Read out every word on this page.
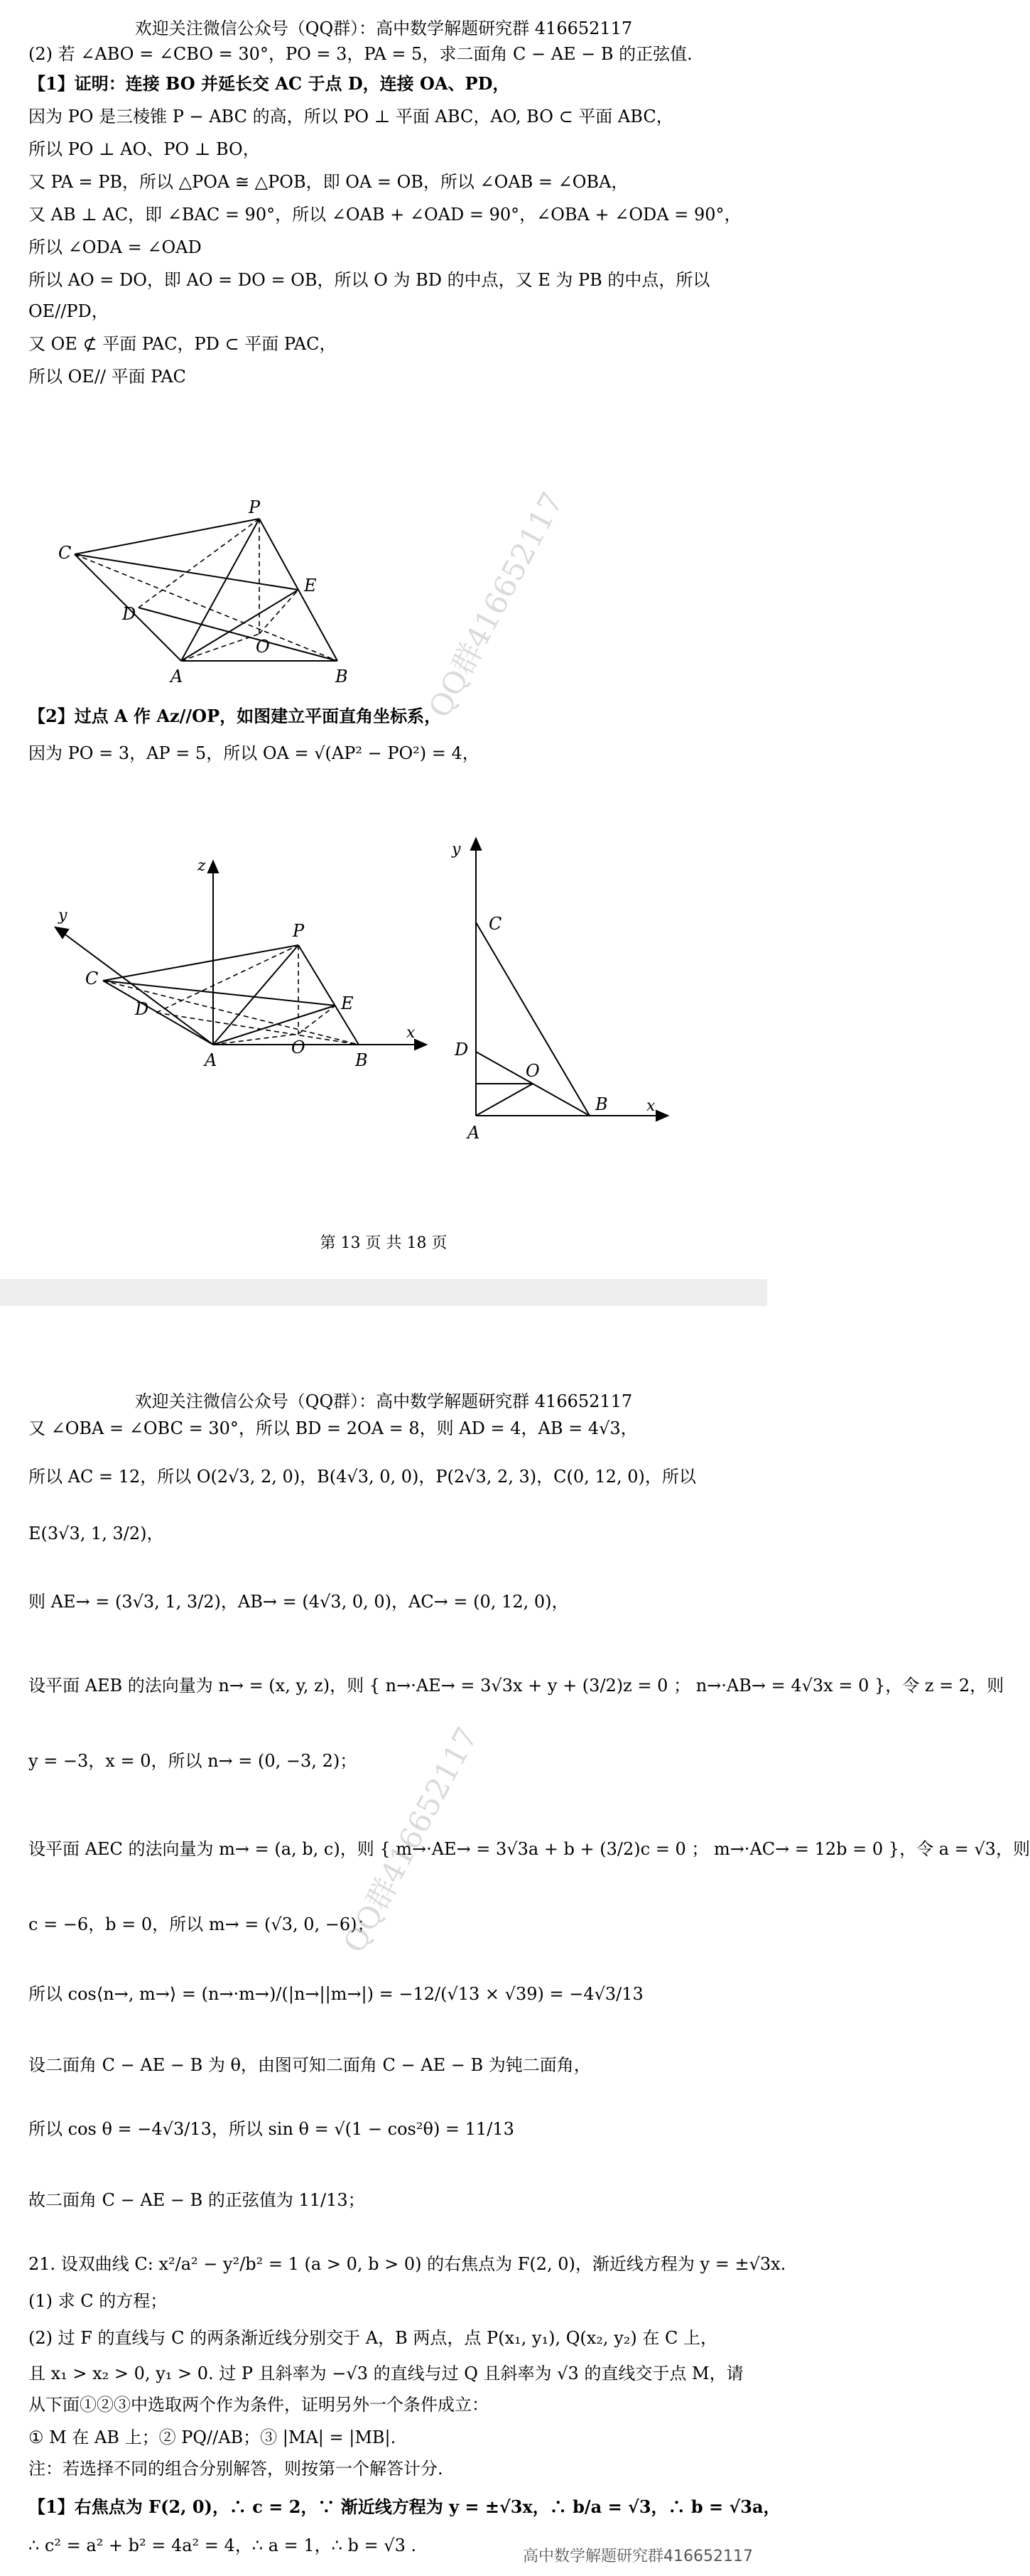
欢迎关注微信公众号（QQ群）：高中数学解题研究群 416652117
(2) 若 ∠ABO = ∠CBO = 30°，PO = 3，PA = 5，求二面角 C − AE − B 的正弦值.
【1】证明：连接 BO 并延长交 AC 于点 D，连接 OA、PD，
因为 PO 是三棱锥 P − ABC 的高，所以 PO ⊥ 平面 ABC，AO, BO ⊂ 平面 ABC，
所以 PO ⊥ AO、PO ⊥ BO，
又 PA = PB，所以 △POA ≅ △POB，即 OA = OB，所以 ∠OAB = ∠OBA，
又 AB ⊥ AC，即 ∠BAC = 90°，所以 ∠OAB + ∠OAD = 90°，∠OBA + ∠ODA = 90°，
所以 ∠ODA = ∠OAD
所以 AO = DO，即 AO = DO = OB，所以 O 为 BD 的中点，又 E 为 PB 的中点，所以
OE//PD，
又 OE ⊄ 平面 PAC，PD ⊂ 平面 PAC，
所以 OE// 平面 PAC
P
C
E
D
O
A	B
【2】过点 A 作 Az//OP，如图建立平面直角坐标系，
因为 PO = 3，AP = 5，所以 OA = √(AP² − PO²) = 4，
z
y
x
P
C
E
D
O
A	B
y
x
C
D
O
A
B
第 13 页 共 18 页
QQ群416652117
欢迎关注微信公众号（QQ群）：高中数学解题研究群 416652117
又 ∠OBA = ∠OBC = 30°，所以 BD = 2OA = 8，则 AD = 4，AB = 4√3，
所以 AC = 12，所以 O(2√3, 2, 0)，B(4√3, 0, 0)，P(2√3, 2, 3)，C(0, 12, 0)，所以
E(3√3, 1, 3/2)，
则 AE→ = (3√3, 1, 3/2)，AB→ = (4√3, 0, 0)，AC→ = (0, 12, 0)，
设平面 AEB 的法向量为 n→ = (x, y, z)，则 { n→·AE→ = 3√3x + y + (3/2)z = 0 ； n→·AB→ = 4√3x = 0 }，令 z = 2，则
y = −3，x = 0，所以 n→ = (0, −3, 2)；
设平面 AEC 的法向量为 m→ = (a, b, c)，则 { m→·AE→ = 3√3a + b + (3/2)c = 0 ； m→·AC→ = 12b = 0 }，令 a = √3，则
c = −6，b = 0，所以 m→ = (√3, 0, −6)；
所以 cos⟨n→, m→⟩ = (n→·m→)/(|n→||m→|) = −12/(√13 × √39) = −4√3/13
设二面角 C − AE − B 为 θ，由图可知二面角 C − AE − B 为钝二面角，
所以 cos θ = −4√3/13，所以 sin θ = √(1 − cos²θ) = 11/13
故二面角 C − AE − B 的正弦值为 11/13；
21. 设双曲线 C: x²/a² − y²/b² = 1 (a > 0, b > 0) 的右焦点为 F(2, 0)，渐近线方程为 y = ±√3x.
(1) 求 C 的方程；
(2) 过 F 的直线与 C 的两条渐近线分别交于 A，B 两点，点 P(x₁, y₁), Q(x₂, y₂) 在 C 上，
且 x₁ > x₂ > 0, y₁ > 0. 过 P 且斜率为 −√3 的直线与过 Q 且斜率为 √3 的直线交于点 M，请
从下面①②③中选取两个作为条件，证明另外一个条件成立：
① M 在 AB 上；② PQ//AB；③ |MA| = |MB|.
注：若选择不同的组合分别解答，则按第一个解答计分.
【1】右焦点为 F(2, 0)，∴ c = 2，∵ 渐近线方程为 y = ±√3x，∴ b/a = √3，∴ b = √3a，
∴ c² = a² + b² = 4a² = 4，∴ a = 1，∴ b = √3 .
QQ群416652117
高中数学解题研究群416652117
